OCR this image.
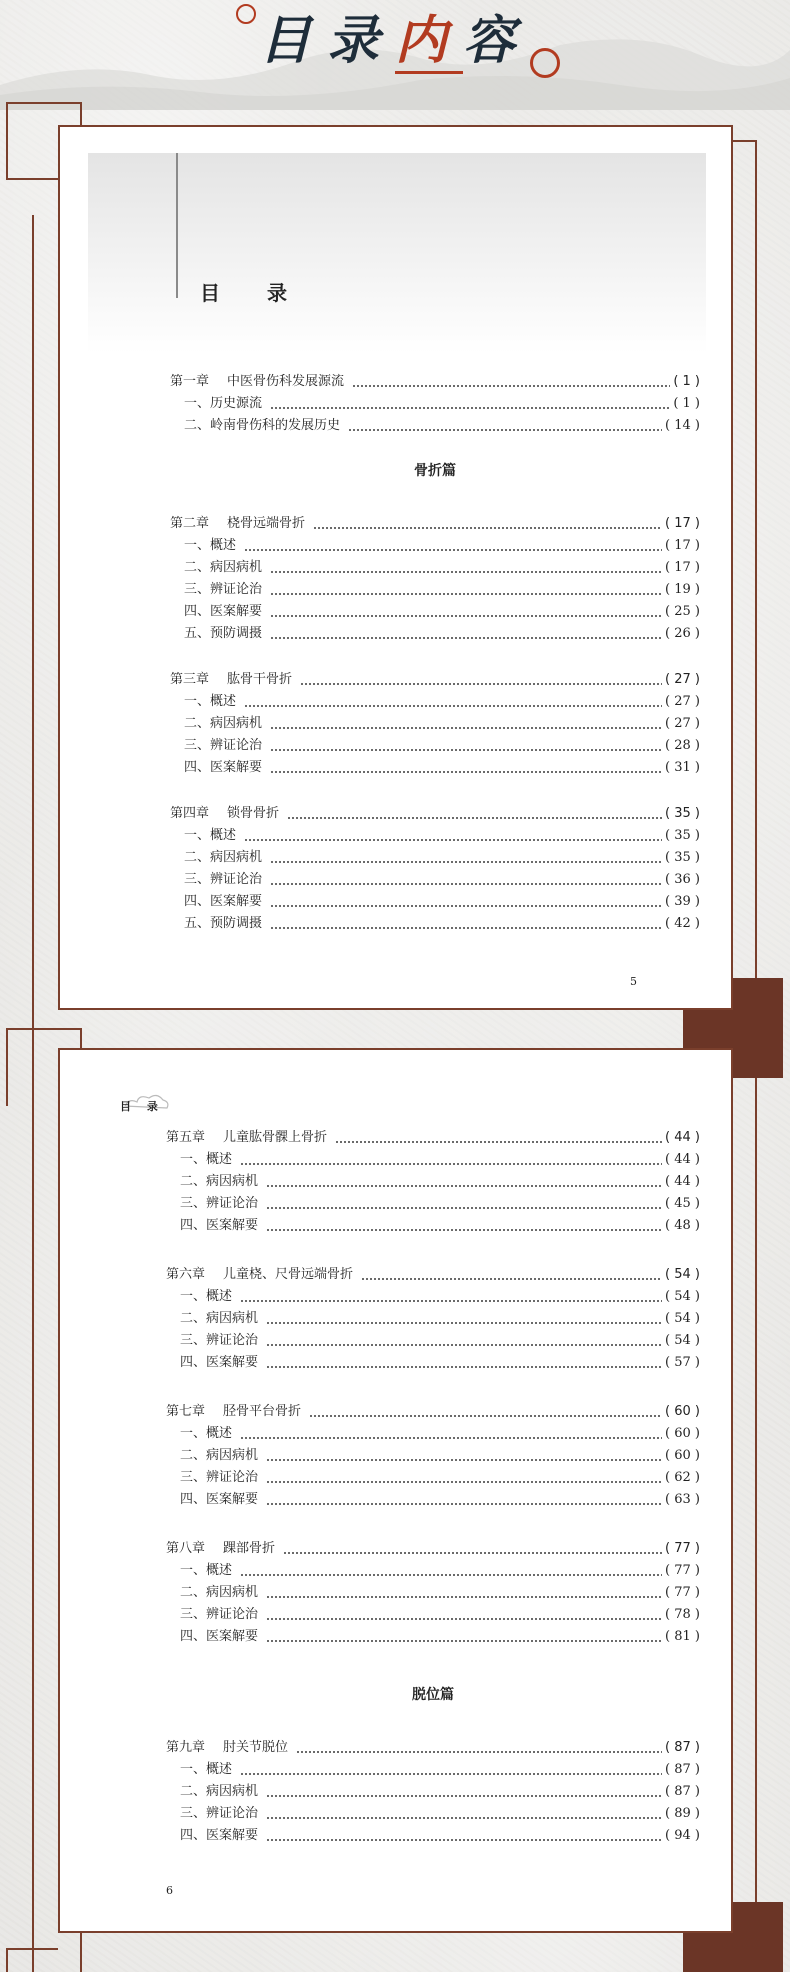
目录内容
目 录
第一章 中医骨伤科发展源流	( 1 )
一、 历史源流	( 1 )
二、 岭南骨伤科的发展历史	( 14 )
骨折篇
第二章 桡骨远端骨折	( 17 )
一、概述	( 17 )
二、病因病机	( 17 )
三、辨证论治	( 19 )
四、医案解要	( 25 )
五、预防调摄	( 26 )
第三章 肱骨干骨折	( 27 )
一、概述	( 27 )
二、病因病机	( 27 )
三、辨证论治	( 28 )
四、医案解要	( 31 )
第四章 锁骨骨折	( 35 )
一、概述	( 35 )
二、病因病机	( 35 )
三、辨证论治	( 36 )
四、医案解要	( 39 )
五、预防调摄	( 42 )
5
目 录
第五章 儿童肱骨髁上骨折	( 44 )
一、概述	( 44 )
二、病因病机	( 44 )
三、辨证论治	( 45 )
四、医案解要	( 48 )
第六章 儿童桡、尺骨远端骨折	( 54 )
一、概述	( 54 )
二、病因病机	( 54 )
三、辨证论治	( 54 )
四、医案解要	( 57 )
第七章 胫骨平台骨折	( 60 )
一、概述	( 60 )
二、病因病机	( 60 )
三、辨证论治	( 62 )
四、医案解要	( 63 )
第八章 踝部骨折	( 77 )
一、概述	( 77 )
二、病因病机	( 77 )
三、辨证论治	( 78 )
四、医案解要	( 81 )
脱位篇
第九章 肘关节脱位	( 87 )
一、概述	( 87 )
二、病因病机	( 87 )
三、辨证论治	( 89 )
四、医案解要	( 94 )
6
